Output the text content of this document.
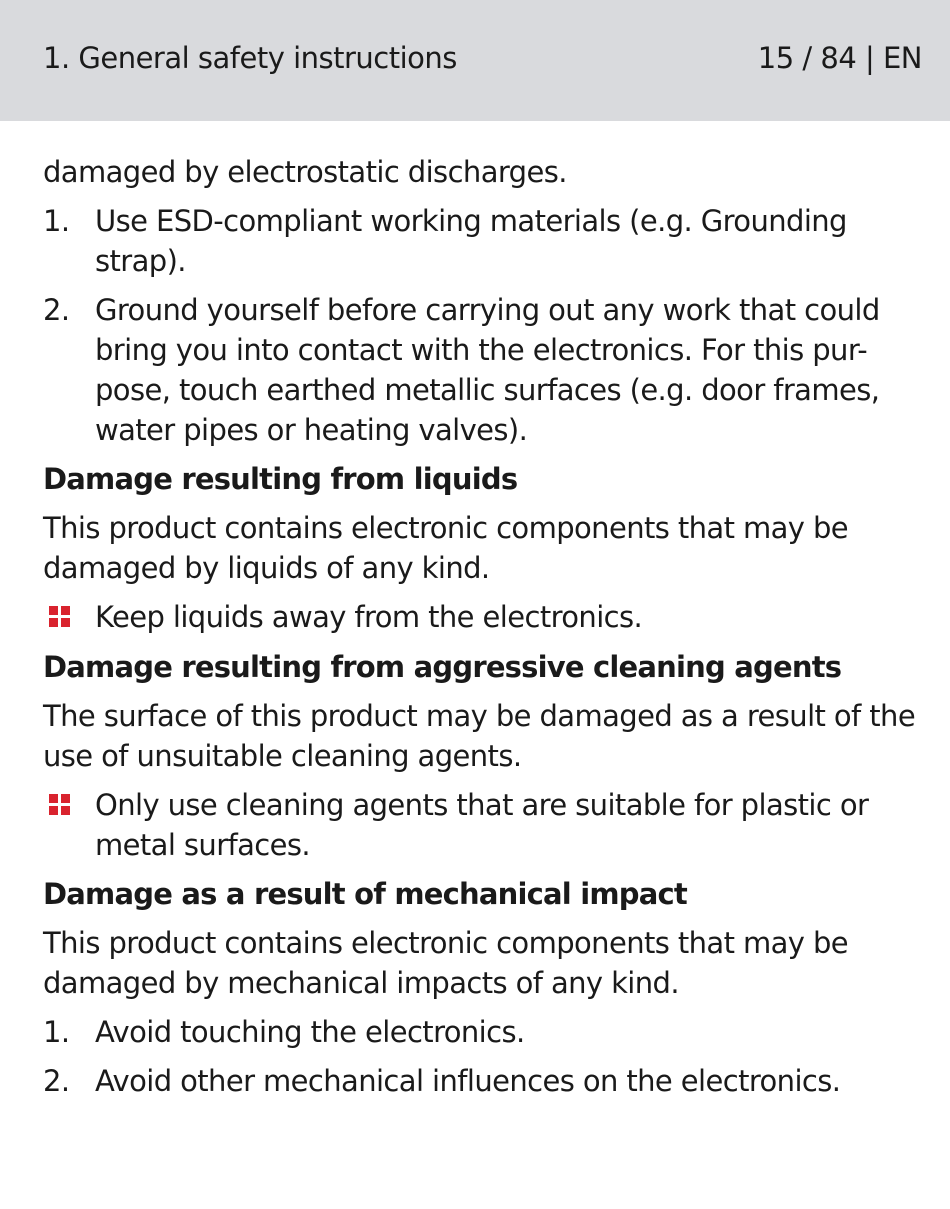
1. General safety instructions	15 / 84 | EN
damaged by electrostatic discharges.
1. Use ESD-compliant working materials (e.g. Grounding strap).
2. Ground yourself before carrying out any work that could bring you into contact with the electronics. For this pur-pose, touch earthed metallic surfaces (e.g. door frames, water pipes or heating valves).
Damage resulting from liquids
This product contains electronic components that may be damaged by liquids of any kind.
Keep liquids away from the electronics.
Damage resulting from aggressive cleaning agents
The surface of this product may be damaged as a result of the use of unsuitable cleaning agents.
Only use cleaning agents that are suitable for plastic or metal surfaces.
Damage as a result of mechanical impact
This product contains electronic components that may be damaged by mechanical impacts of any kind.
1. Avoid touching the electronics.
2. Avoid other mechanical influences on the electronics.
